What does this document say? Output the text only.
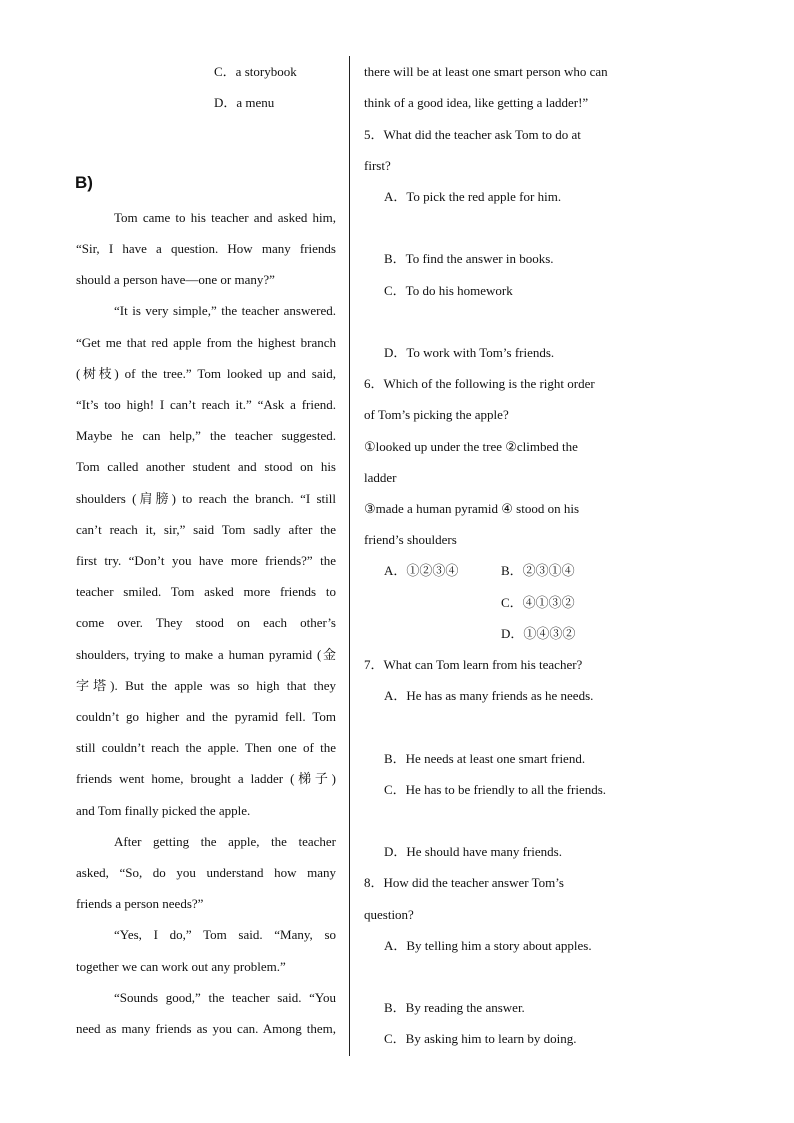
C．a storybook
D．a menu
B)
Tom came to his teacher and asked him,
“Sir, I have a question. How many friends
should a person have—one or many?”
“It is very simple,” the teacher answered.
“Get me that red apple from the highest branch
(树枝) of the tree.” Tom looked up and said,
“It’s too high! I can’t reach it.” “Ask a friend.
Maybe he can help,” the teacher suggested.
Tom called another student and stood on his
shoulders (肩膀) to reach the branch. “I still
can’t reach it, sir,” said Tom sadly after the
first try. “Don’t you have more friends?” the
teacher smiled. Tom asked more friends to
come over. They stood on each other’s
shoulders, trying to make a human pyramid (金
字塔). But the apple was so high that they
couldn’t go higher and the pyramid fell. Tom
still couldn’t reach the apple. Then one of the
friends went home, brought a ladder (梯子)
and Tom finally picked the apple.
After getting the apple, the teacher
asked, “So, do you understand how many
friends a person needs?”
“Yes, I do,” Tom said. “Many, so
together we can work out any problem.”
“Sounds good,” the teacher said. “You
need as many friends as you can. Among them,
there will be at least one smart person who can
think of a good idea, like getting a ladder!”
5．What did the teacher ask Tom to do at
first?
A．To pick the red apple for him.
B．To find the answer in books.
C．To do his homework
D．To work with Tom’s friends.
6．Which of the following is the right order
of Tom’s picking the apple?
①looked up under the tree ②climbed the
ladder
③made a human pyramid ④ stood on his
friend’s shoulders
A．①②③④	B．②③①④
C．④①③②
D．①④③②
7．What can Tom learn from his teacher?
A．He has as many friends as he needs.
B．He needs at least one smart friend.
C．He has to be friendly to all the friends.
D．He should have many friends.
8．How did the teacher answer Tom’s
question?
A．By telling him a story about apples.
B．By reading the answer.
C．By asking him to learn by doing.
